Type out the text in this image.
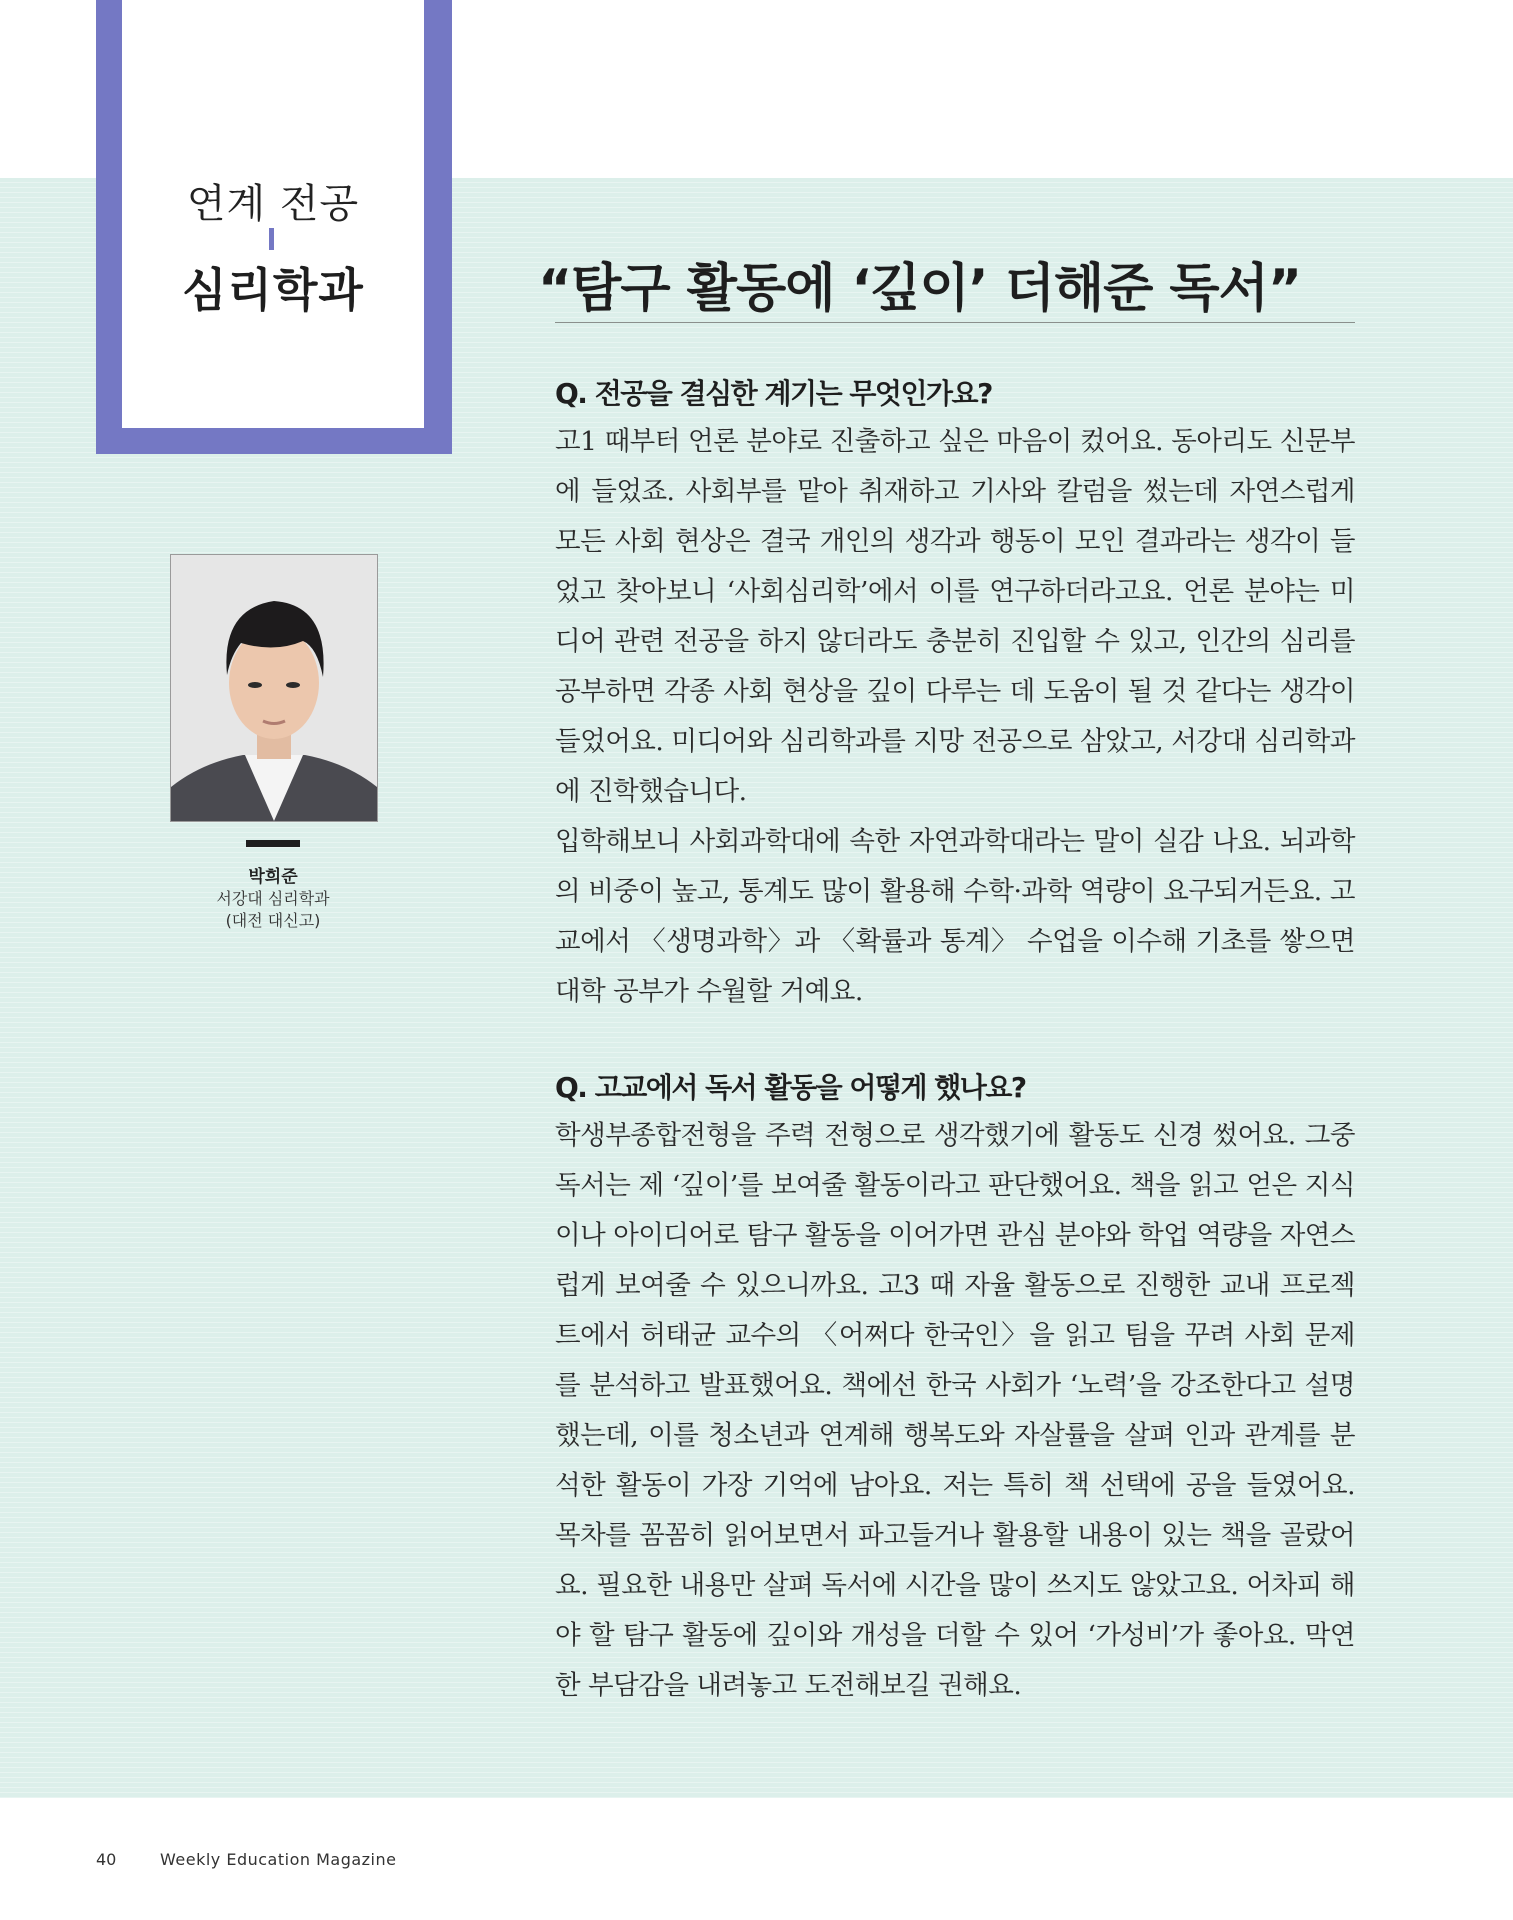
연계 전공
심리학과
박희준
서강대 심리학과
(대전 대신고)
“탐구 활동에 ‘깊이’ 더해준 독서”
Q. 전공을 결심한 계기는 무엇인가요?

고1 때부터 언론 분야로 진출하고 싶은 마음이 컸어요. 동아리도 신문부에 들었죠. 사회부를 맡아 취재하고 기사와 칼럼을 썼는데 자연스럽게 모든 사회 현상은 결국 개인의 생각과 행동이 모인 결과라는 생각이 들었고 찾아보니 ‘사회심리학’에서 이를 연구하더라고요. 언론 분야는 미디어 관련 전공을 하지 않더라도 충분히 진입할 수 있고, 인간의 심리를 공부하면 각종 사회 현상을 깊이 다루는 데 도움이 될 것 같다는 생각이 들었어요. 미디어와 심리학과를 지망 전공으로 삼았고, 서강대 심리학과에 진학했습니다.

입학해보니 사회과학대에 속한 자연과학대라는 말이 실감 나요. 뇌과학의 비중이 높고, 통계도 많이 활용해 수학·과학 역량이 요구되거든요. 고교에서 〈생명과학〉과 〈확률과 통계〉 수업을 이수해 기초를 쌓으면 대학 공부가 수월할 거예요.

Q. 고교에서 독서 활동을 어떻게 했나요?

학생부종합전형을 주력 전형으로 생각했기에 활동도 신경 썼어요. 그중 독서는 제 ‘깊이’를 보여줄 활동이라고 판단했어요. 책을 읽고 얻은 지식이나 아이디어로 탐구 활동을 이어가면 관심 분야와 학업 역량을 자연스럽게 보여줄 수 있으니까요. 고3 때 자율 활동으로 진행한 교내 프로젝트에서 허태균 교수의 〈어쩌다 한국인〉을 읽고 팀을 꾸려 사회 문제를 분석하고 발표했어요. 책에선 한국 사회가 ‘노력’을 강조한다고 설명했는데, 이를 청소년과 연계해 행복도와 자살률을 살펴 인과 관계를 분석한 활동이 가장 기억에 남아요. 저는 특히 책 선택에 공을 들였어요. 목차를 꼼꼼히 읽어보면서 파고들거나 활용할 내용이 있는 책을 골랐어요. 필요한 내용만 살펴 독서에 시간을 많이 쓰지도 않았고요. 어차피 해야 할 탐구 활동에 깊이와 개성을 더할 수 있어 ‘가성비’가 좋아요. 막연한 부담감을 내려놓고 도전해보길 권해요.

40	Weekly Education Magazine
